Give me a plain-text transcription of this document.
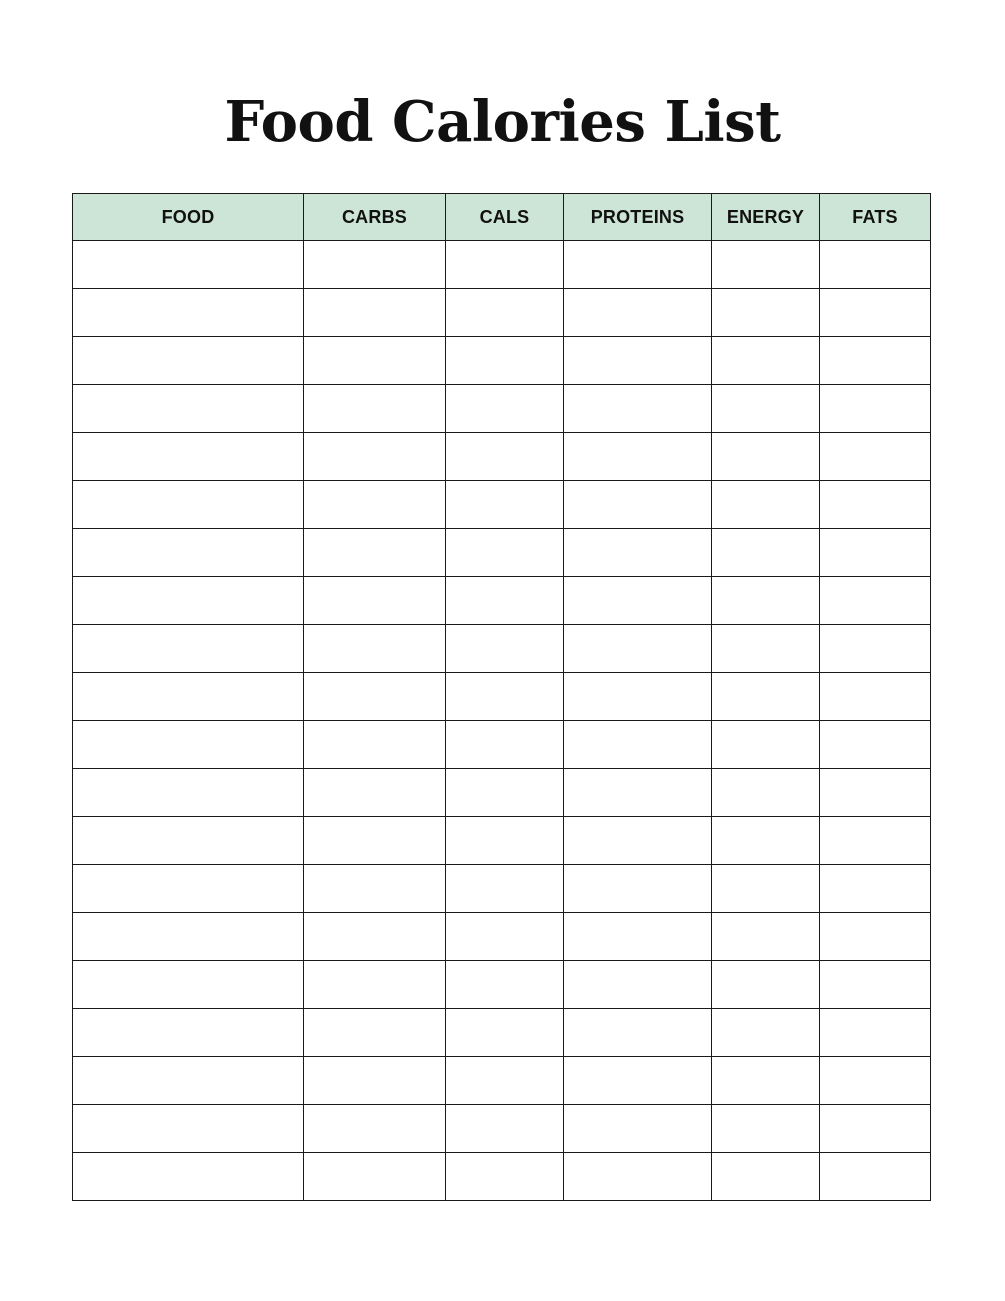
Food Calories List
FOOD	CARBS	CALS	PROTEINS	ENERGY	FATS
